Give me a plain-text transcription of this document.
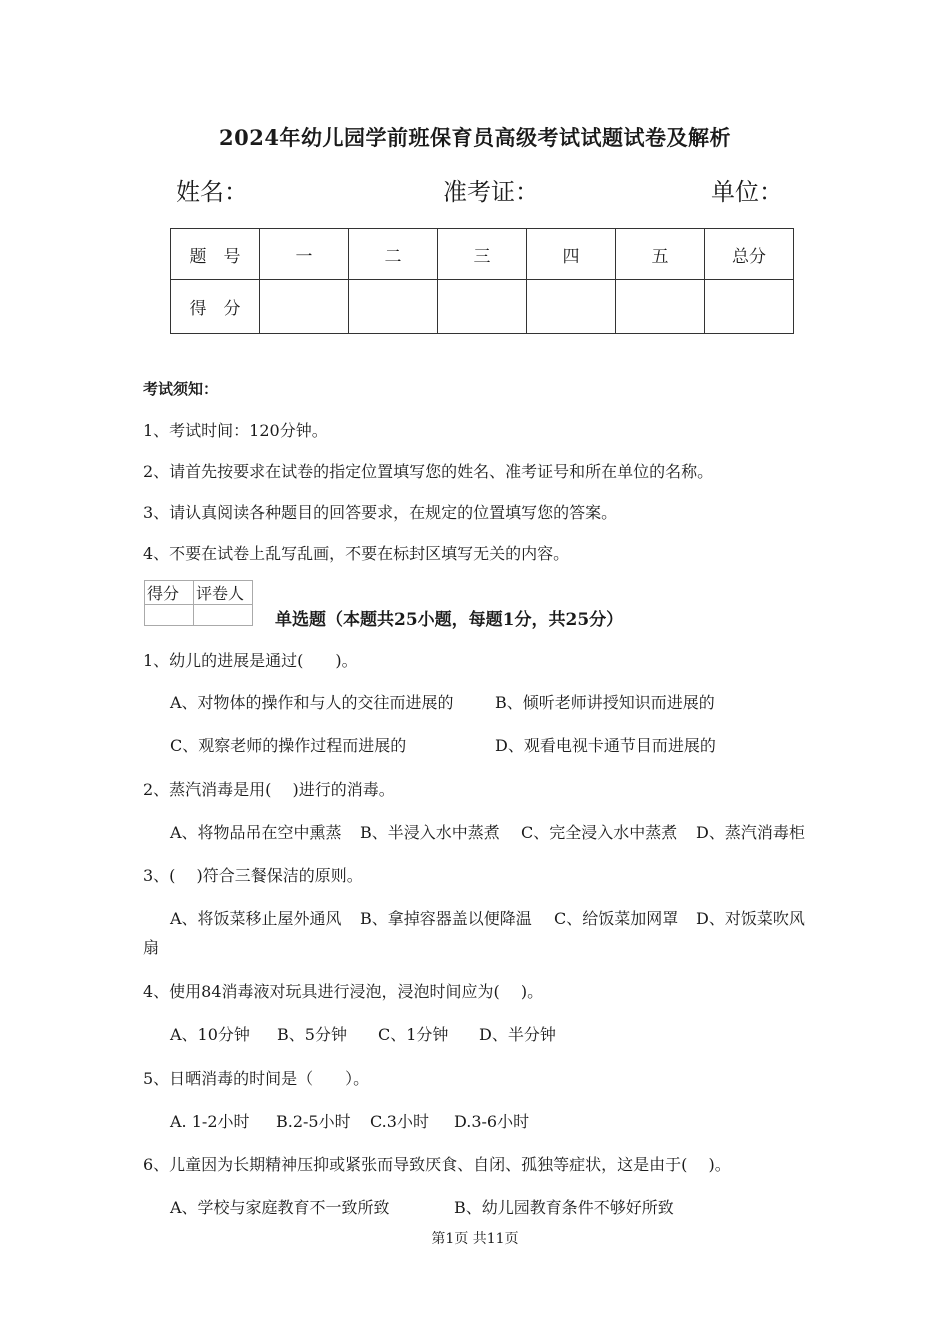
2024年幼儿园学前班保育员高级考试试题试卷及解析
姓名：	准考证：	单位：
题　号	一	二	三	四	五	总分
得　分						
考试须知：
1、考试时间：120分钟。
2、请首先按要求在试卷的指定位置填写您的姓名、准考证号和所在单位的名称。
3、请认真阅读各种题目的回答要求，在规定的位置填写您的答案。
4、不要在试卷上乱写乱画，不要在标封区填写无关的内容。
得分	评卷人

单选题（本题共25小题，每题1分，共25分）
1、幼儿的进展是通过(　　)。
A、对物体的操作和与人的交往而进展的	B、倾听老师讲授知识而进展的
C、观察老师的操作过程而进展的	D、观看电视卡通节目而进展的
2、蒸汽消毒是用(　 )进行的消毒。
A、将物品吊在空中熏蒸 B、半浸入水中蒸煮 C、完全浸入水中蒸煮 D、蒸汽消毒柜
3、(　 )符合三餐保洁的原则。
A、将饭菜移止屋外通风 B、拿掉容器盖以便降温 C、给饭菜加网罩 D、对饭菜吹风
扇
4、使用84消毒液对玩具进行浸泡，浸泡时间应为(　 )。
A、10分钟 B、5分钟 C、1分钟 D、半分钟
5、日晒消毒的时间是（　　）。
A. 1-2小时 B.2-5小时 C.3小时 D.3-6小时
6、儿童因为长期精神压抑或紧张而导致厌食、自闭、孤独等症状，这是由于(　 )。
A、学校与家庭教育不一致所致	B、幼儿园教育条件不够好所致
第1页 共11页
